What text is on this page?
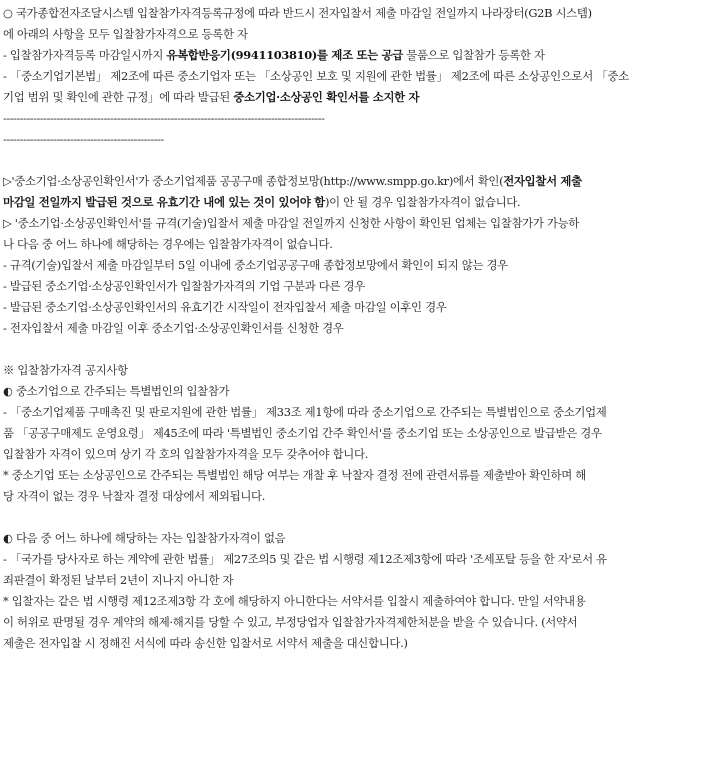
○ 국가종합전자조달시스템 입찰참가자격등록규정에 따라 반드시 전자입찰서 제출 마감일 전일까지 나라장터(G2B 시스템)
에 아래의 사항을 모두 입찰참가자격으로 등록한 자
- 입찰참가자격등록 마감일시까지 유복합반응기(9941103810)를 제조 또는 공급 물품으로 입찰참가 등록한 자
- 「중소기업기본법」 제2조에 따른 중소기업자 또는 「소상공인 보호 및 지원에 관한 법률」 제2조에 따른 소상공인으로서 「중소
기업 범위 및 확인에 관한 규정」에 따라 발급된 중소기업·소상공인 확인서를 소지한 자
------------------------------------------------------------------------------------------------
------------------------------------------------
▷'중소기업·소상공인확인서'가 중소기업제품 공공구매 종합정보망(http://www.smpp.go.kr)에서 확인(전자입찰서 제출
마감일 전일까지 발급된 것으로 유효기간 내에 있는 것이 있어야 함)이 안 될 경우 입찰참가자격이 없습니다.
▷ '중소기업·소상공인확인서'를 규격(기술)입찰서 제출 마감일 전일까지 신청한 사항이 확인된 업체는 입찰참가가 가능하
나 다음 중 어느 하나에 해당하는 경우에는 입찰참가자격이 없습니다.
- 규격(기술)입찰서 제출 마감일부터 5일 이내에 중소기업공공구매 종합정보망에서 확인이 되지 않는 경우
- 발급된 중소기업·소상공인확인서가 입찰참가자격의 기업 구분과 다른 경우
- 발급된 중소기업·소상공인확인서의 유효기간 시작일이 전자입찰서 제출 마감일 이후인 경우
- 전자입찰서 제출 마감일 이후 중소기업·소상공인확인서를 신청한 경우
※ 입찰참가자격 공지사항
◐ 중소기업으로 간주되는 특별법인의 입찰참가
- 「중소기업제품 구매촉진 및 판로지원에 관한 법률」 제33조 제1항에 따라 중소기업으로 간주되는 특별법인으로 중소기업제
품 「공공구매제도 운영요령」 제45조에 따라 '특별법인 중소기업 간주 확인서'를 중소기업 또는 소상공인으로 발급받은 경우
입찰참가 자격이 있으며 상기 각 호의 입찰참가자격을 모두 갖추어야 합니다.
* 중소기업 또는 소상공인으로 간주되는 특별법인 해당 여부는 개찰 후 낙찰자 결정 전에 관련서류를 제출받아 확인하며 해
당 자격이 없는 경우 낙찰자 결정 대상에서 제외됩니다.
◐ 다음 중 어느 하나에 해당하는 자는 입찰참가자격이 없음
- 「국가를 당사자로 하는 계약에 관한 법률」 제27조의5 및 같은 법 시행령 제12조제3항에 따라 '조세포탈 등을 한 자'로서 유
죄판결이 확정된 날부터 2년이 지나지 아니한 자
* 입찰자는 같은 법 시행령 제12조제3항 각 호에 해당하지 아니한다는 서약서를 입찰시 제출하여야 합니다. 만일 서약내용
이 허위로 판명될 경우 계약의 해제·해지를 당할 수 있고, 부정당업자 입찰참가자격제한처분을 받을 수 있습니다. (서약서
제출은 전자입찰 시 정해진 서식에 따라 송신한 입찰서로 서약서 제출을 대신합니다.)
